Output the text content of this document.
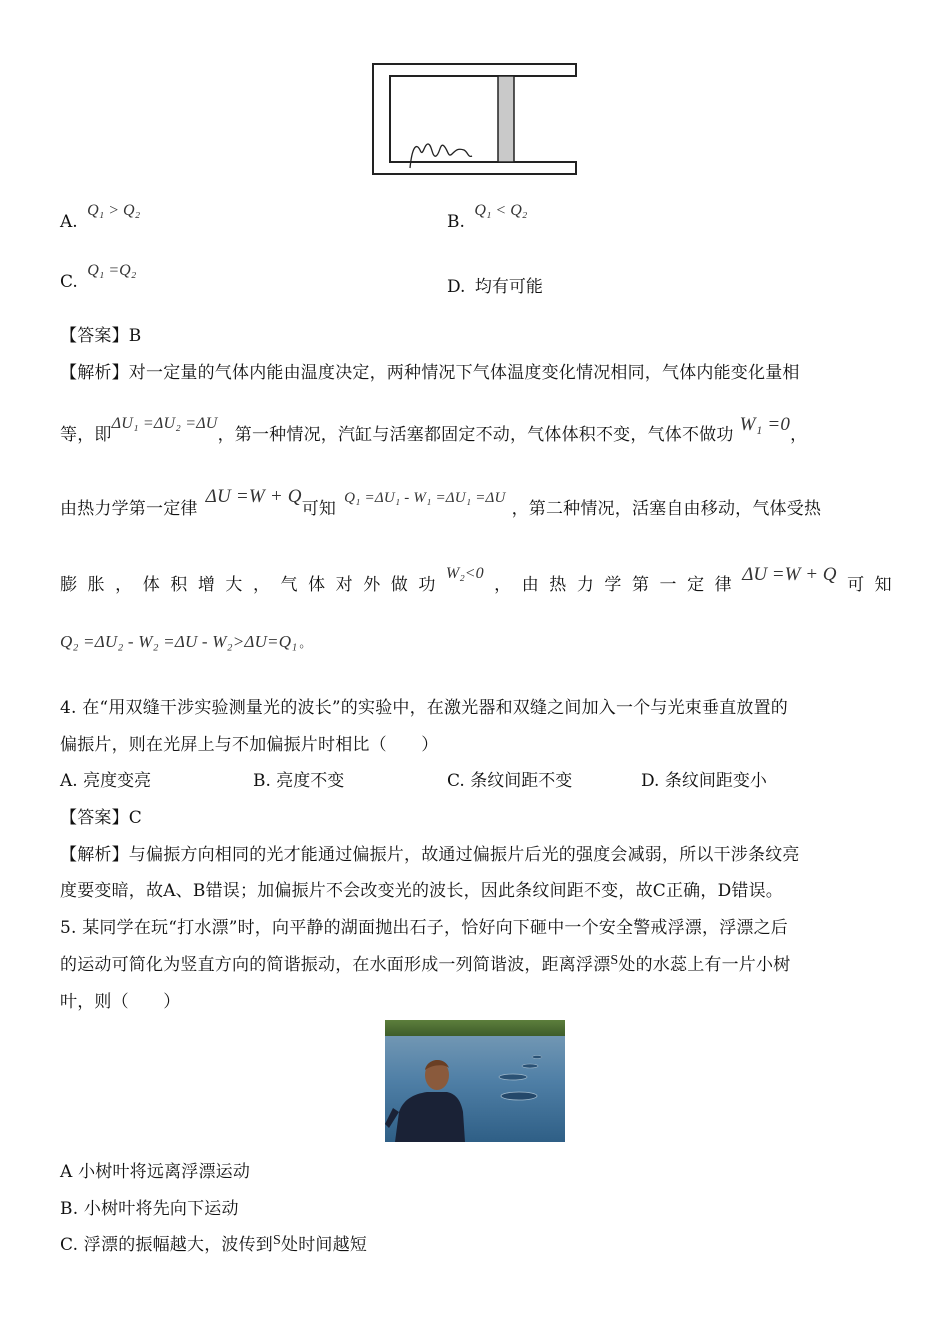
A. Q₁ > Q₂
B. Q₁ < Q₂
C. Q₁ =Q₂
D. 均有可能
【答案】B
【解析】对一定量的气体内能由温度决定，两种情况下气体温度变化情况相同，气体内能变化量相
等，即ΔU₁ =ΔU₂ =ΔU，第一种情况，汽缸与活塞都固定不动，气体体积不变，气体不做功 W₁ =0，
由热力学第一定律ΔU =W + Q可知Q₁ =ΔU₁ - W₁ =ΔU₁ =ΔU，第二种情况，活塞自由移动，气体受热
膨 胀 ， 体 积 增 大 ， 气 体 对 外 做 功
W₂<0
， 由 热 力 学 第 一 定 律 ΔU =W + Q 可 知
Q₂ =ΔU₂ - W₂ =ΔU - W₂>ΔU=Q₁ 。
4. 在“用双缝干涉实验测量光的波长”的实验中，在激光器和双缝之间加入一个与光束垂直放置的
偏振片，则在光屏上与不加偏振片时相比（　　）
A. 亮度变亮	B. 亮度不变	C. 条纹间距不变	D. 条纹间距变小
【答案】C
【解析】与偏振方向相同的光才能通过偏振片，故通过偏振片后光的强度会减弱，所以干涉条纹亮
度要变暗，故A、B错误；加偏振片不会改变光的波长，因此条纹间距不变，故C正确，D错误。
5. 某同学在玩“打水漂”时，向平静的湖面抛出石子，恰好向下砸中一个安全警戒浮漂，浮漂之后
的运动可简化为竖直方向的简谐振动，在水面形成一列简谐波，距离浮漂$^S$处的水蕊上有一片小树
叶，则（　　）
A 小树叶将远离浮漂运动
B. 小树叶将先向下运动
C. 浮漂的振幅越大，波传到$^S$处时间越短
